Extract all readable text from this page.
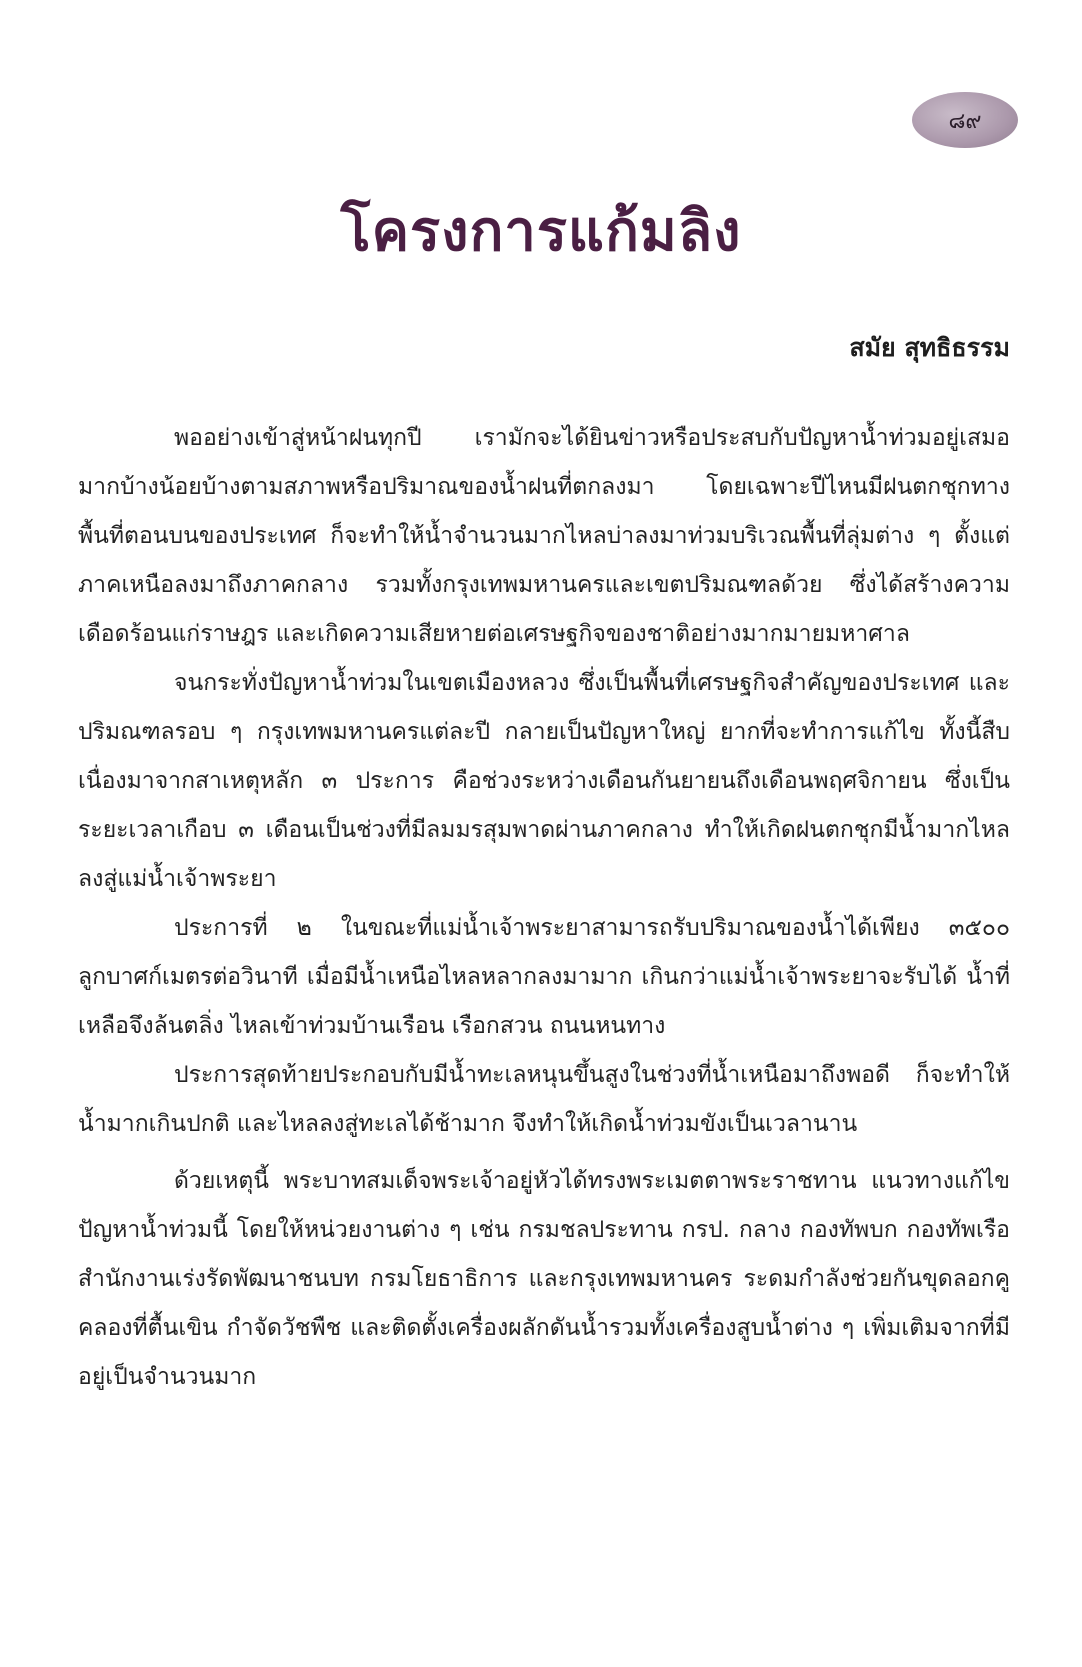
๘๙
โครงการแก้มลิง
สมัย สุทธิธรรม

พออย่างเข้าสู่หน้าฝนทุกปี เรามักจะได้ยินข่าวหรือประสบกับปัญหาน้ำท่วมอยู่เสมอ มากบ้างน้อยบ้างตามสภาพหรือปริมาณของน้ำฝนที่ตกลงมา โดยเฉพาะปีไหนมีฝนตกชุกทางพื้นที่ตอนบนของประเทศ ก็จะทำให้น้ำจำนวนมากไหลบ่าลงมาท่วมบริเวณพื้นที่ลุ่มต่าง ๆ ตั้งแต่ภาคเหนือลงมาถึงภาคกลาง รวมทั้งกรุงเทพมหานครและเขตปริมณฑลด้วย ซึ่งได้สร้างความเดือดร้อนแก่ราษฎร และเกิดความเสียหายต่อเศรษฐกิจของชาติอย่างมากมายมหาศาล

จนกระทั่งปัญหาน้ำท่วมในเขตเมืองหลวง ซึ่งเป็นพื้นที่เศรษฐกิจสำคัญของประเทศ และปริมณฑลรอบ ๆ กรุงเทพมหานครแต่ละปี กลายเป็นปัญหาใหญ่ ยากที่จะทำการแก้ไข ทั้งนี้สืบเนื่องมาจากสาเหตุหลัก ๓ ประการ คือช่วงระหว่างเดือนกันยายนถึงเดือนพฤศจิกายน ซึ่งเป็นระยะเวลาเกือบ ๓ เดือนเป็นช่วงที่มีลมมรสุมพาดผ่านภาคกลาง ทำให้เกิดฝนตกชุกมีน้ำมากไหลลงสู่แม่น้ำเจ้าพระยา

ประการที่ ๒ ในขณะที่แม่น้ำเจ้าพระยาสามารถรับปริมาณของน้ำได้เพียง ๓๕๐๐ ลูกบาศก์เมตรต่อวินาที เมื่อมีน้ำเหนือไหลหลากลงมามาก เกินกว่าแม่น้ำเจ้าพระยาจะรับได้ น้ำที่เหลือจึงล้นตลิ่ง ไหลเข้าท่วมบ้านเรือน เรือกสวน ถนนหนทาง

ประการสุดท้ายประกอบกับมีน้ำทะเลหนุนขึ้นสูงในช่วงที่น้ำเหนือมาถึงพอดี ก็จะทำให้น้ำมากเกินปกติ และไหลลงสู่ทะเลได้ช้ามาก จึงทำให้เกิดน้ำท่วมขังเป็นเวลานาน

ด้วยเหตุนี้ พระบาทสมเด็จพระเจ้าอยู่หัวได้ทรงพระเมตตาพระราชทาน แนวทางแก้ไขปัญหาน้ำท่วมนี้ โดยให้หน่วยงานต่าง ๆ เช่น กรมชลประทาน กรป. กลาง กองทัพบก กองทัพเรือ สำนักงานเร่งรัดพัฒนาชนบท กรมโยธาธิการ และกรุงเทพมหานคร ระดมกำลังช่วยกันขุดลอกคูคลองที่ตื้นเขิน กำจัดวัชพืช และติดตั้งเครื่องผลักดันน้ำรวมทั้งเครื่องสูบน้ำต่าง ๆ เพิ่มเติมจากที่มีอยู่เป็นจำนวนมาก
